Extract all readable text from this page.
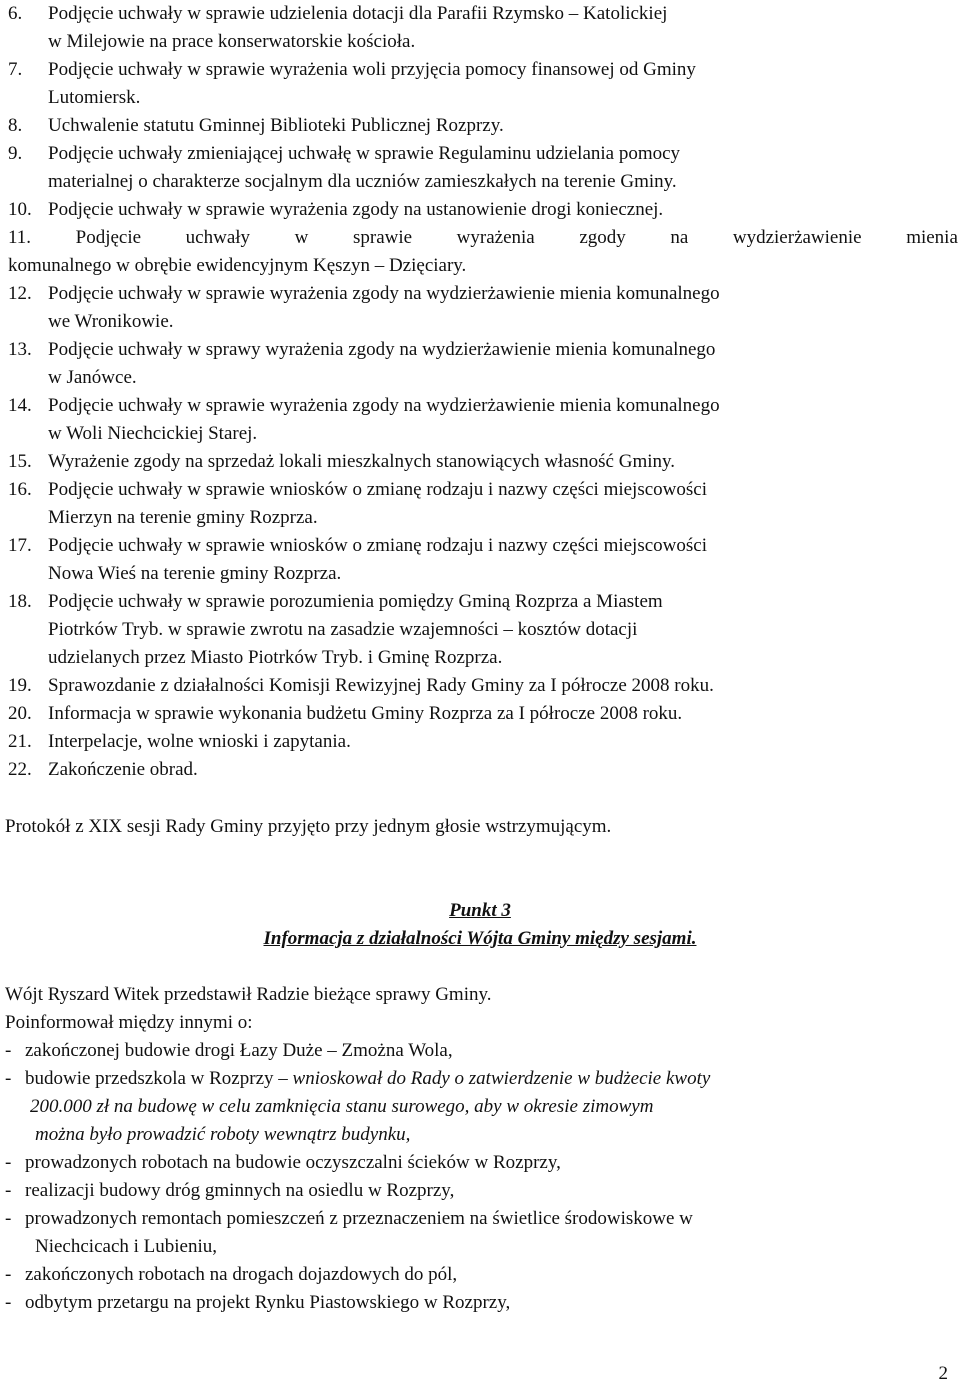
6.	Podjęcie uchwały w sprawie udzielenia dotacji dla Parafii Rzymsko – Katolickiej
w Milejowie na prace konserwatorskie kościoła.
7.	Podjęcie uchwały w sprawie wyrażenia woli przyjęcia pomocy finansowej od Gminy
Lutomiersk.
8.	Uchwalenie statutu Gminnej Biblioteki Publicznej Rozprzy.
9.	Podjęcie uchwały zmieniającej uchwałę w sprawie Regulaminu udzielania pomocy
materialnej o charakterze socjalnym dla uczniów zamieszkałych na terenie Gminy.
10. Podjęcie uchwały w sprawie wyrażenia zgody na ustanowienie drogi koniecznej.
11. Podjęcie uchwały w sprawie wyrażenia zgody na wydzierżawienie mienia
komunalnego w obrębie ewidencyjnym Kęszyn – Dzięciary.
12. Podjęcie uchwały w sprawie wyrażenia zgody na wydzierżawienie mienia komunalnego
we Wronikowie.
13. Podjęcie uchwały w sprawy wyrażenia zgody na wydzierżawienie mienia komunalnego
w Janówce.
14. Podjęcie uchwały w sprawie wyrażenia zgody na wydzierżawienie mienia komunalnego
w Woli Niechcickiej Starej.
15. Wyrażenie zgody na sprzedaż lokali mieszkalnych stanowiących własność Gminy.
16. Podjęcie uchwały w sprawie wniosków o zmianę rodzaju i nazwy części miejscowości
Mierzyn na terenie gminy Rozprza.
17. Podjęcie uchwały w sprawie wniosków o zmianę rodzaju i nazwy części miejscowości
Nowa Wieś na terenie gminy Rozprza.
18. Podjęcie uchwały w sprawie porozumienia pomiędzy Gminą Rozprza a Miastem
Piotrków Tryb. w sprawie zwrotu na zasadzie wzajemności – kosztów dotacji
udzielanych przez Miasto Piotrków Tryb. i Gminę Rozprza.
19. Sprawozdanie z działalności Komisji Rewizyjnej Rady Gminy za I półrocze 2008 roku.
20. Informacja w sprawie wykonania budżetu Gminy Rozprza za I półrocze 2008 roku.
21. Interpelacje, wolne wnioski i zapytania.
22. Zakończenie obrad.
Protokół z XIX sesji Rady Gminy przyjęto przy jednym głosie wstrzymującym.
Punkt 3
Informacja z działalności Wójta Gminy między sesjami.
Wójt Ryszard Witek przedstawił Radzie bieżące sprawy Gminy.
Poinformował między innymi o:
- zakończonej budowie drogi Łazy Duże – Zmożna Wola,
- budowie przedszkola w Rozprzy – wnioskował do Rady o zatwierdzenie w budżecie kwoty
200.000 zł na budowę w celu zamknięcia stanu surowego, aby w okresie zimowym
można było prowadzić roboty wewnątrz budynku,
- prowadzonych robotach na budowie oczyszczalni ścieków w Rozprzy,
- realizacji budowy dróg gminnych na osiedlu w Rozprzy,
- prowadzonych remontach pomieszczeń z przeznaczeniem na świetlice środowiskowe w
Niechcicach i Lubieniu,
- zakończonych robotach na drogach dojazdowych do pól,
- odbytym przetargu na projekt Rynku Piastowskiego w Rozprzy,
2
